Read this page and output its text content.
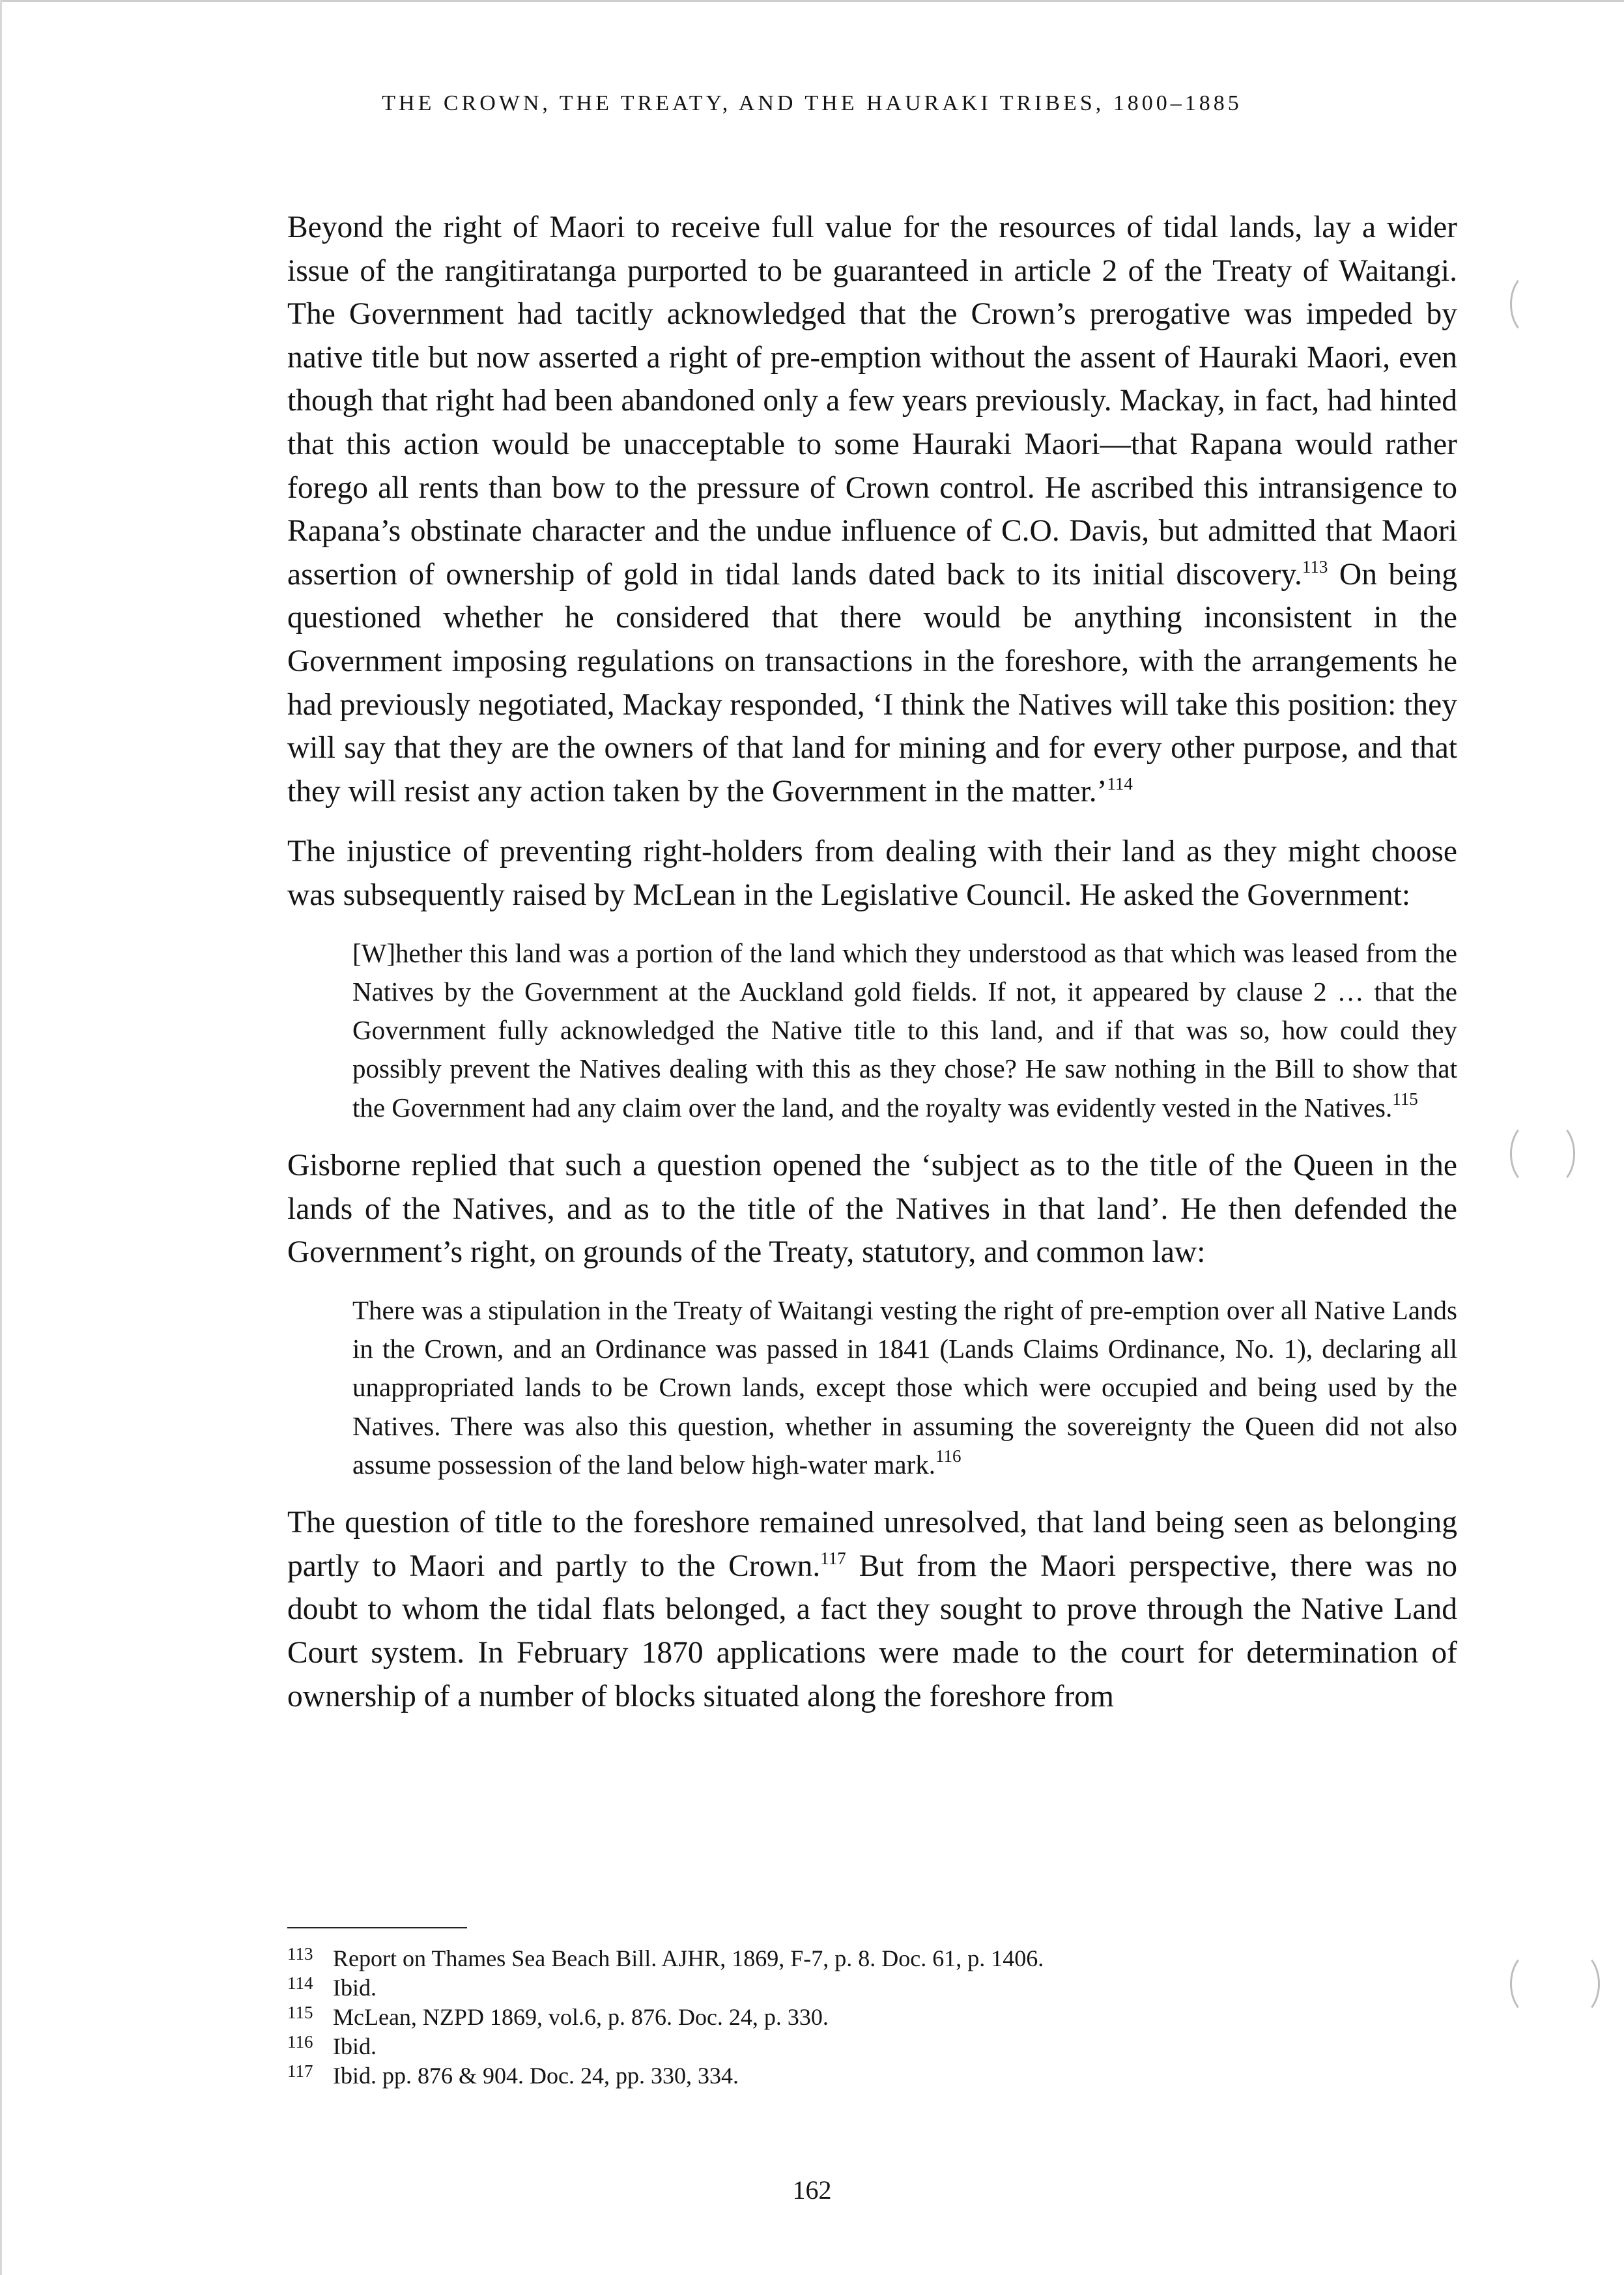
THE CROWN, THE TREATY, AND THE HAURAKI TRIBES, 1800–1885

Beyond the right of Maori to receive full value for the resources of tidal lands, lay a wider issue of the rangitiratanga purported to be guaranteed in article 2 of the Treaty of Waitangi. The Government had tacitly acknowledged that the Crown’s prerogative was impeded by native title but now asserted a right of pre-emption without the assent of Hauraki Maori, even though that right had been abandoned only a few years previously. Mackay, in fact, had hinted that this action would be unacceptable to some Hauraki Maori—that Rapana would rather forego all rents than bow to the pressure of Crown control. He ascribed this intransigence to Rapana’s obstinate character and the undue influence of C.O. Davis, but admitted that Maori assertion of ownership of gold in tidal lands dated back to its initial discovery.$^{113}$ On being questioned whether he considered that there would be anything inconsistent in the Government imposing regulations on transactions in the foreshore, with the arrangements he had previously negotiated, Mackay responded, ‘I think the Natives will take this position: they will say that they are the owners of that land for mining and for every other purpose, and that they will resist any action taken by the Government in the matter.’$^{114}$

The injustice of preventing right-holders from dealing with their land as they might choose was subsequently raised by McLean in the Legislative Council. He asked the Government:

[W]hether this land was a portion of the land which they understood as that which was leased from the Natives by the Government at the Auckland gold fields. If not, it appeared by clause 2 … that the Government fully acknowledged the Native title to this land, and if that was so, how could they possibly prevent the Natives dealing with this as they chose? He saw nothing in the Bill to show that the Government had any claim over the land, and the royalty was evidently vested in the Natives.$^{115}$

Gisborne replied that such a question opened the ‘subject as to the title of the Queen in the lands of the Natives, and as to the title of the Natives in that land’. He then defended the Government’s right, on grounds of the Treaty, statutory, and common law:

There was a stipulation in the Treaty of Waitangi vesting the right of pre-emption over all Native Lands in the Crown, and an Ordinance was passed in 1841 (Lands Claims Ordinance, No. 1), declaring all unappropriated lands to be Crown lands, except those which were occupied and being used by the Natives. There was also this question, whether in assuming the sovereignty the Queen did not also assume possession of the land below high-water mark.$^{116}$

The question of title to the foreshore remained unresolved, that land being seen as belonging partly to Maori and partly to the Crown.$^{117}$ But from the Maori perspective, there was no doubt to whom the tidal flats belonged, a fact they sought to prove through the Native Land Court system. In February 1870 applications were made to the court for determination of ownership of a number of blocks situated along the foreshore from

113 Report on Thames Sea Beach Bill. AJHR, 1869, F-7, p. 8. Doc. 61, p. 1406.
114 Ibid.
115 McLean, NZPD 1869, vol.6, p. 876. Doc. 24, p. 330.
116 Ibid.
117 Ibid. pp. 876 & 904. Doc. 24, pp. 330, 334.
162
